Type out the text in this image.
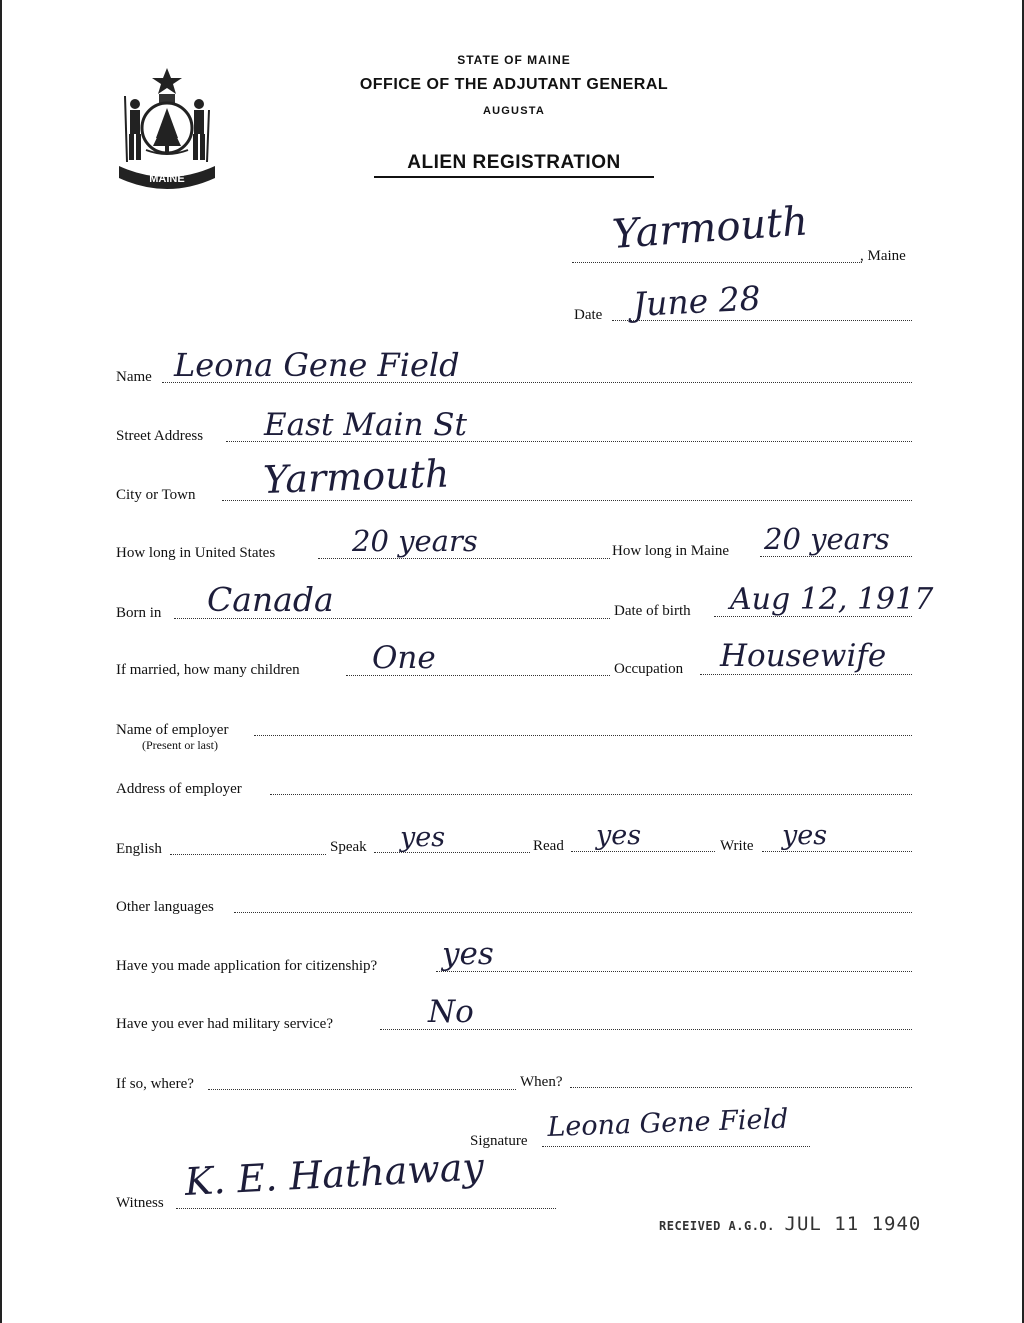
MAINE
STATE OF MAINE
OFFICE OF THE ADJUTANT GENERAL
AUGUSTA
ALIEN REGISTRATION
Yarmouth	, Maine
Date June 28
Name Leona Gene Field
Street Address East Main St
City or Town Yarmouth
How long in United States	20 years	How long in Maine 20 years
Born in Canada	Date of birth Aug 12, 1917
If married, how many children One	Occupation Housewife
Name of employer
(Present or last)
Address of employer
English	Speak yes	Read yes	Write yes
Other languages
Have you made application for citizenship? yes
Have you ever had military service?	No
If so, where?	When?
Signature Leona Gene Field
Witness K. E. Hathaway
RECEIVED A.G.O. JUL 11 1940
